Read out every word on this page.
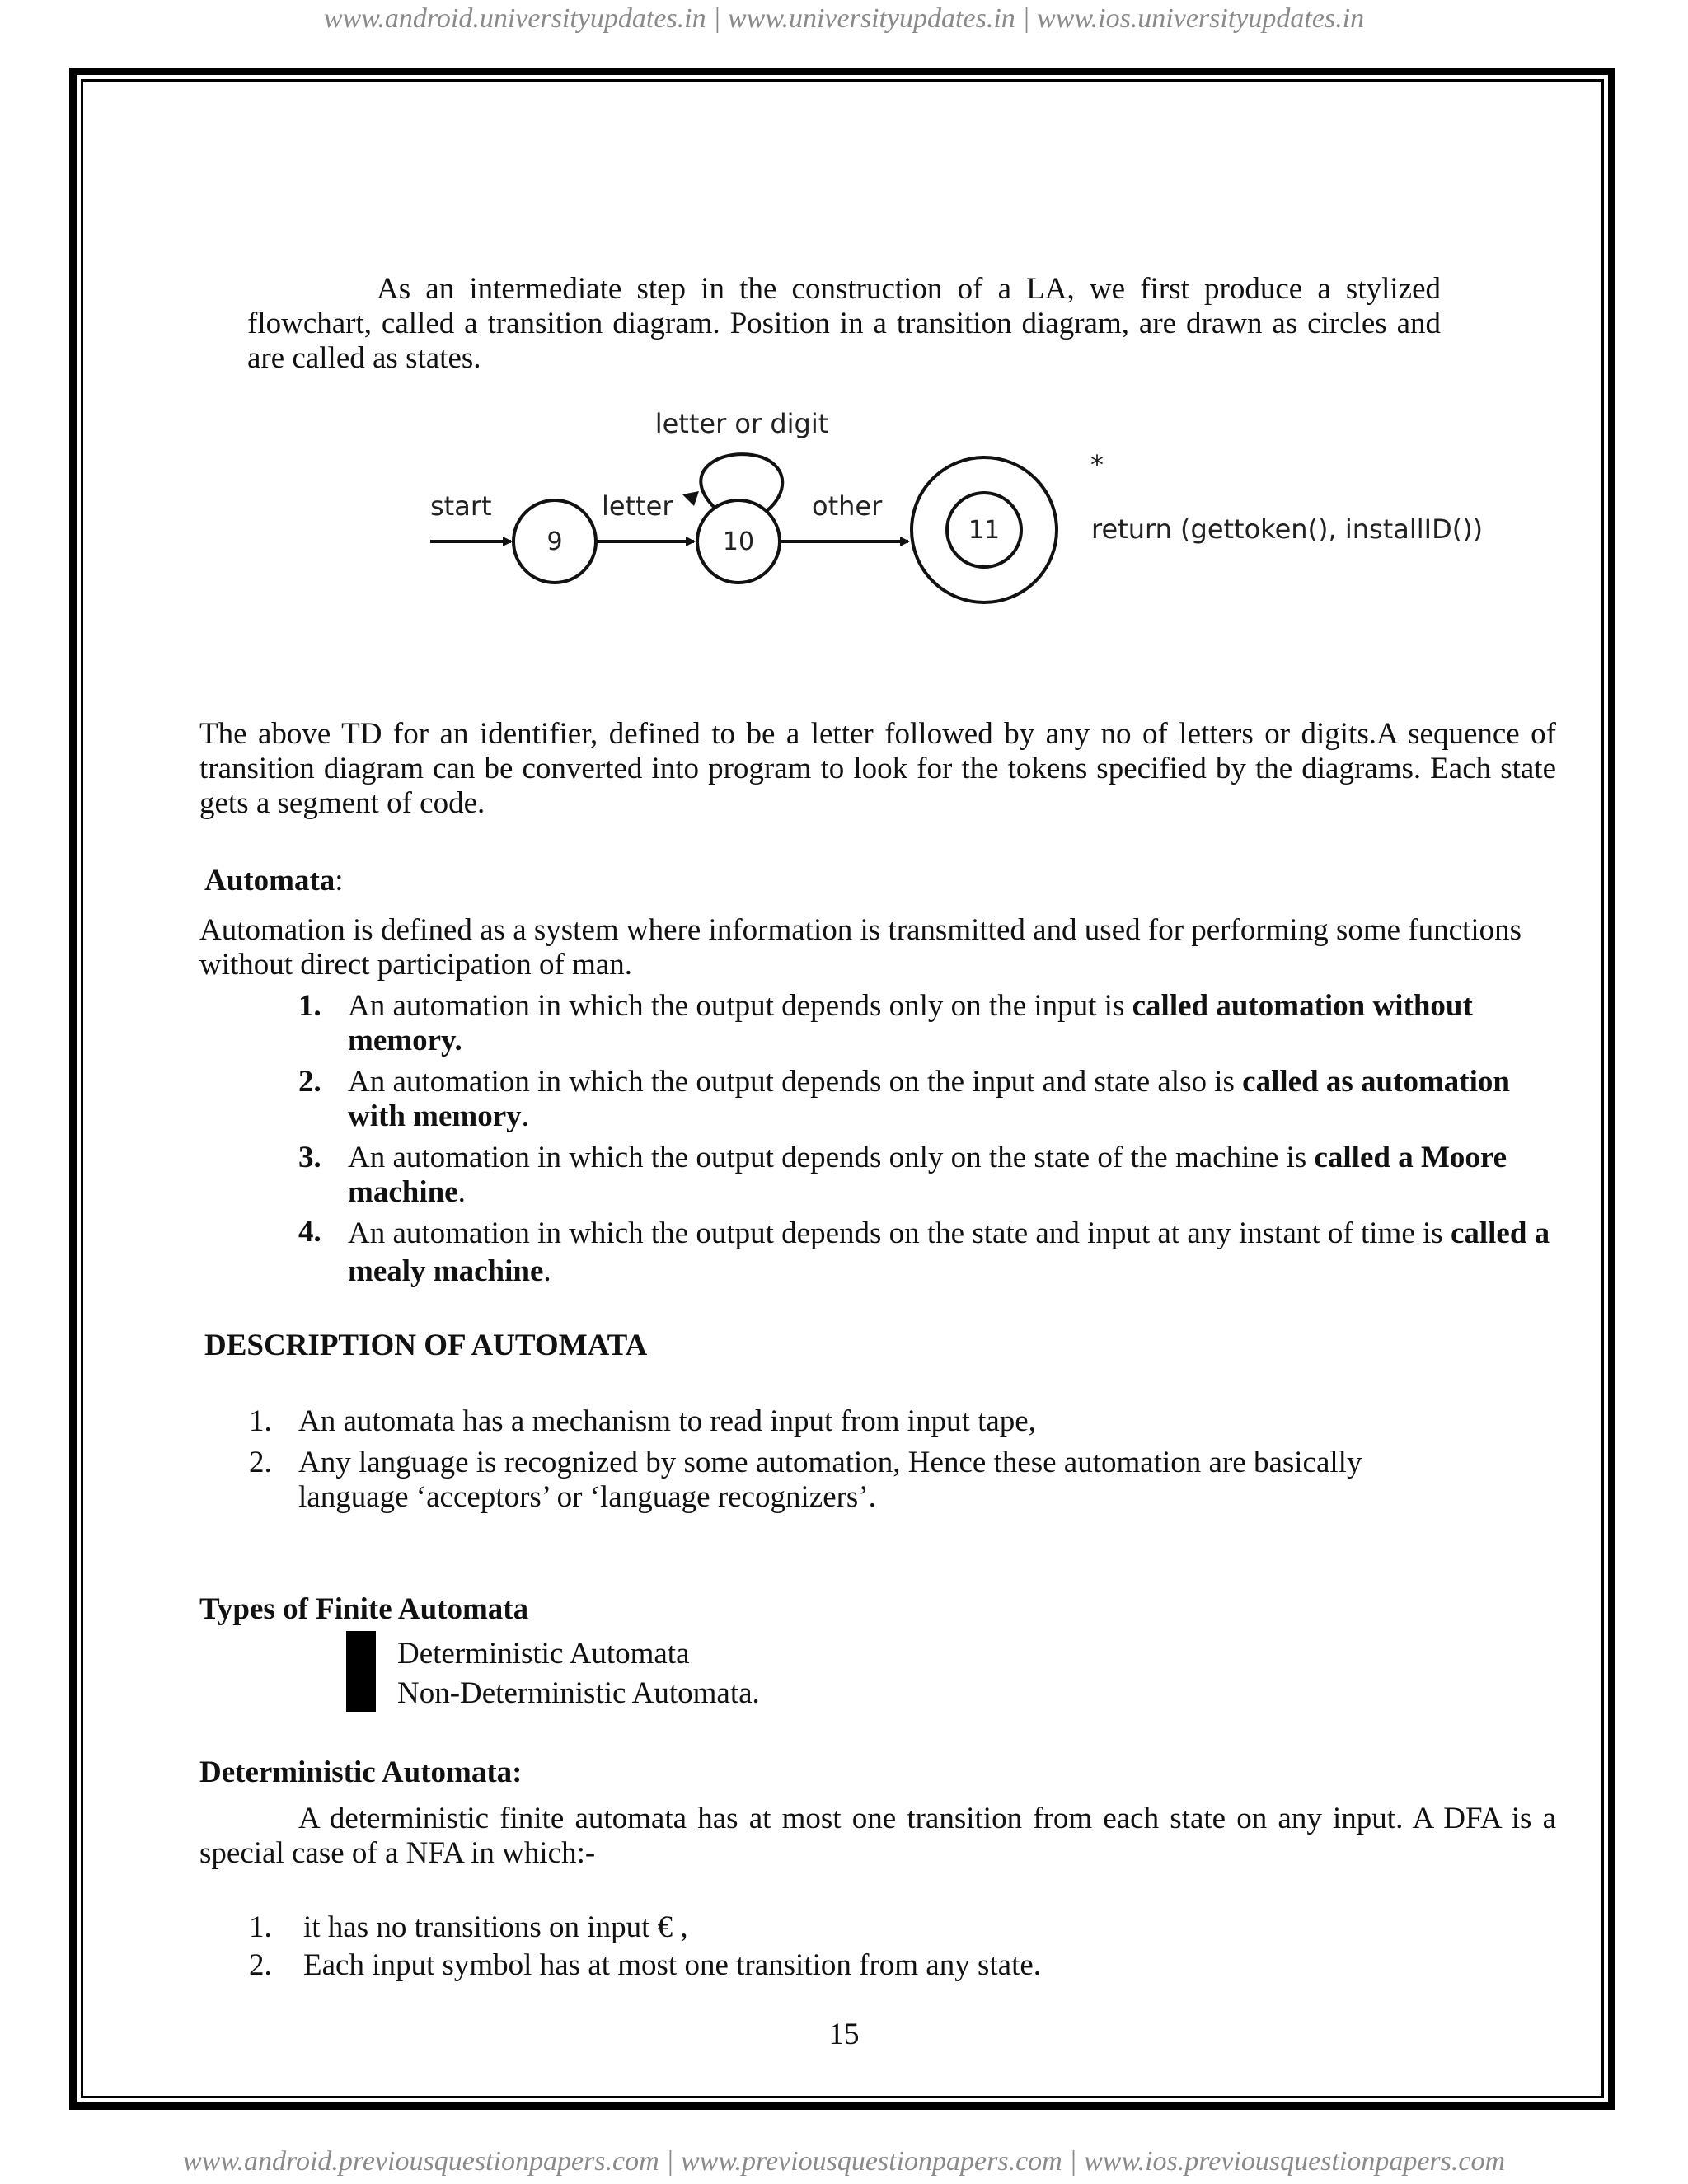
www.android.universityupdates.in | www.universityupdates.in | www.ios.universityupdates.in
As an intermediate step in the construction of a LA, we first produce a stylized flowchart, called a transition diagram. Position in a transition diagram, are drawn as circles and are called as states.
letter or digit
start	letter	other
9	10	11
*
return (gettoken(), installID())
The above TD for an identifier, defined to be a letter followed by any no of letters or digits.A sequence of transition diagram can be converted into program to look for the tokens specified by the diagrams. Each state gets a segment of code.
Automata:
Automation is defined as a system where information is transmitted and used for performing some functions without direct participation of man.
1. An automation in which the output depends only on the input is called automation without memory.
2. An automation in which the output depends on the input and state also is called as automation with memory.
3. An automation in which the output depends only on the state of the machine is called a Moore machine.
4. An automation in which the output depends on the state and input at any instant of time is called a mealy machine.
DESCRIPTION OF AUTOMATA
1. An automata has a mechanism to read input from input tape,
2. Any language is recognized by some automation, Hence these automation are basically language ‘acceptors’ or ‘language recognizers’.
Types of Finite Automata
Deterministic Automata
Non-Deterministic Automata.
Deterministic Automata:
A deterministic finite automata has at most one transition from each state on any input. A DFA is a special case of a NFA in which:-
1. it has no transitions on input € ,
2. Each input symbol has at most one transition from any state.
15
www.android.previousquestionpapers.com | www.previousquestionpapers.com | www.ios.previousquestionpapers.com
